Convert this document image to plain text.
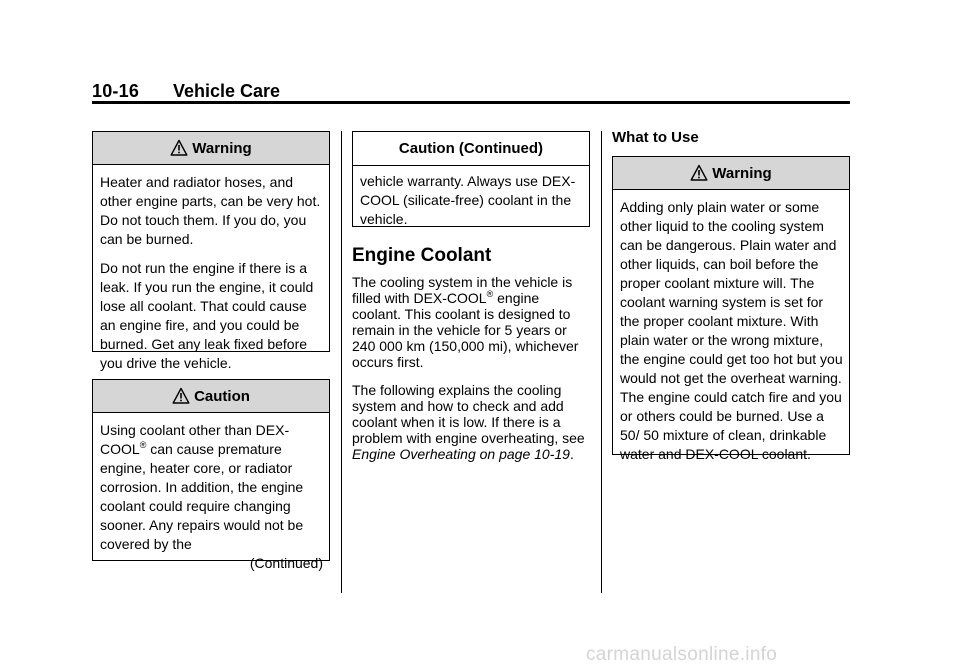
10-16 Vehicle Care
Warning

Heater and radiator hoses, and other engine parts, can be very hot. Do not touch them. If you do, you can be burned.

Do not run the engine if there is a leak. If you run the engine, it could lose all coolant. That could cause an engine fire, and you could be burned. Get any leak fixed before you drive the vehicle.

Caution

Using coolant other than DEX-COOL® can cause premature engine, heater core, or radiator corrosion. In addition, the engine coolant could require changing sooner. Any repairs would not be covered by the

(Continued)
Caution (Continued)

vehicle warranty. Always use DEX-COOL (silicate-free) coolant in the vehicle.

Engine Coolant
The cooling system in the vehicle is filled with DEX-COOL® engine coolant. This coolant is designed to remain in the vehicle for 5 years or 240 000 km (150,000 mi), whichever occurs first.
The following explains the cooling system and how to check and add coolant when it is low. If there is a problem with engine overheating, see Engine Overheating on page 10-19.
What to Use
Warning

Adding only plain water or some other liquid to the cooling system can be dangerous. Plain water and other liquids, can boil before the proper coolant mixture will. The coolant warning system is set for the proper coolant mixture. With plain water or the wrong mixture, the engine could get too hot but you would not get the overheat warning. The engine could catch fire and you or others could be burned. Use a 50/ 50 mixture of clean, drinkable water and DEX-COOL coolant.

carmanualsonline.info
